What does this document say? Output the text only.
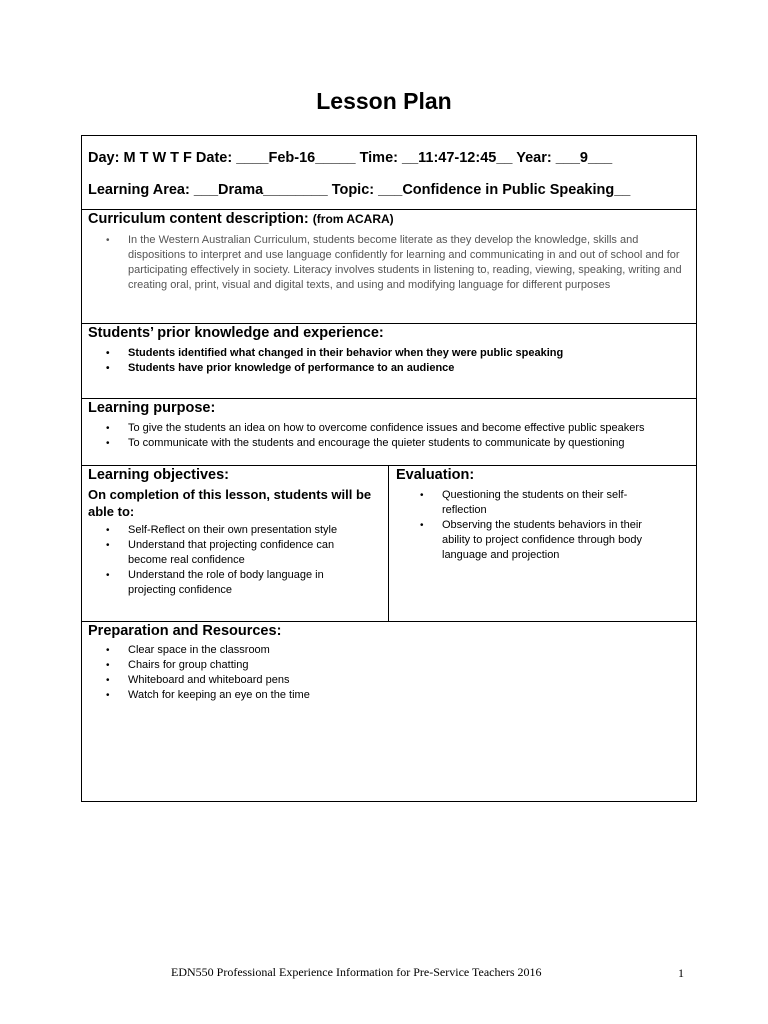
Lesson Plan
Day: M T W T F Date: ____Feb-16_____ Time: __11:47-12:45__ Year: ___9___
Learning Area: ___Drama________ Topic: ___Confidence in Public Speaking__
Curriculum content description: (from ACARA)
• In the Western Australian Curriculum, students become literate as they develop the knowledge, skills and dispositions to interpret and use language confidently for learning and communicating in and out of school and for participating effectively in society. Literacy involves students in listening to, reading, viewing, speaking, writing and creating oral, print, visual and digital texts, and using and modifying language for different purposes
Students’ prior knowledge and experience:
• Students identified what changed in their behavior when they were public speaking
• Students have prior knowledge of performance to an audience
Learning purpose:
• To give the students an idea on how to overcome confidence issues and become effective public speakers
• To communicate with the students and encourage the quieter students to communicate by questioning
Learning objectives:
On completion of this lesson, students will be able to:
• Self-Reflect on their own presentation style
• Understand that projecting confidence can become real confidence
• Understand the role of body language in projecting confidence
Evaluation:
• Questioning the students on their self-reflection
• Observing the students behaviors in their ability to project confidence through body language and projection
Preparation and Resources:
• Clear space in the classroom
• Chairs for group chatting
• Whiteboard and whiteboard pens
• Watch for keeping an eye on the time
EDN550 Professional Experience Information for Pre-Service Teachers 2016	1
